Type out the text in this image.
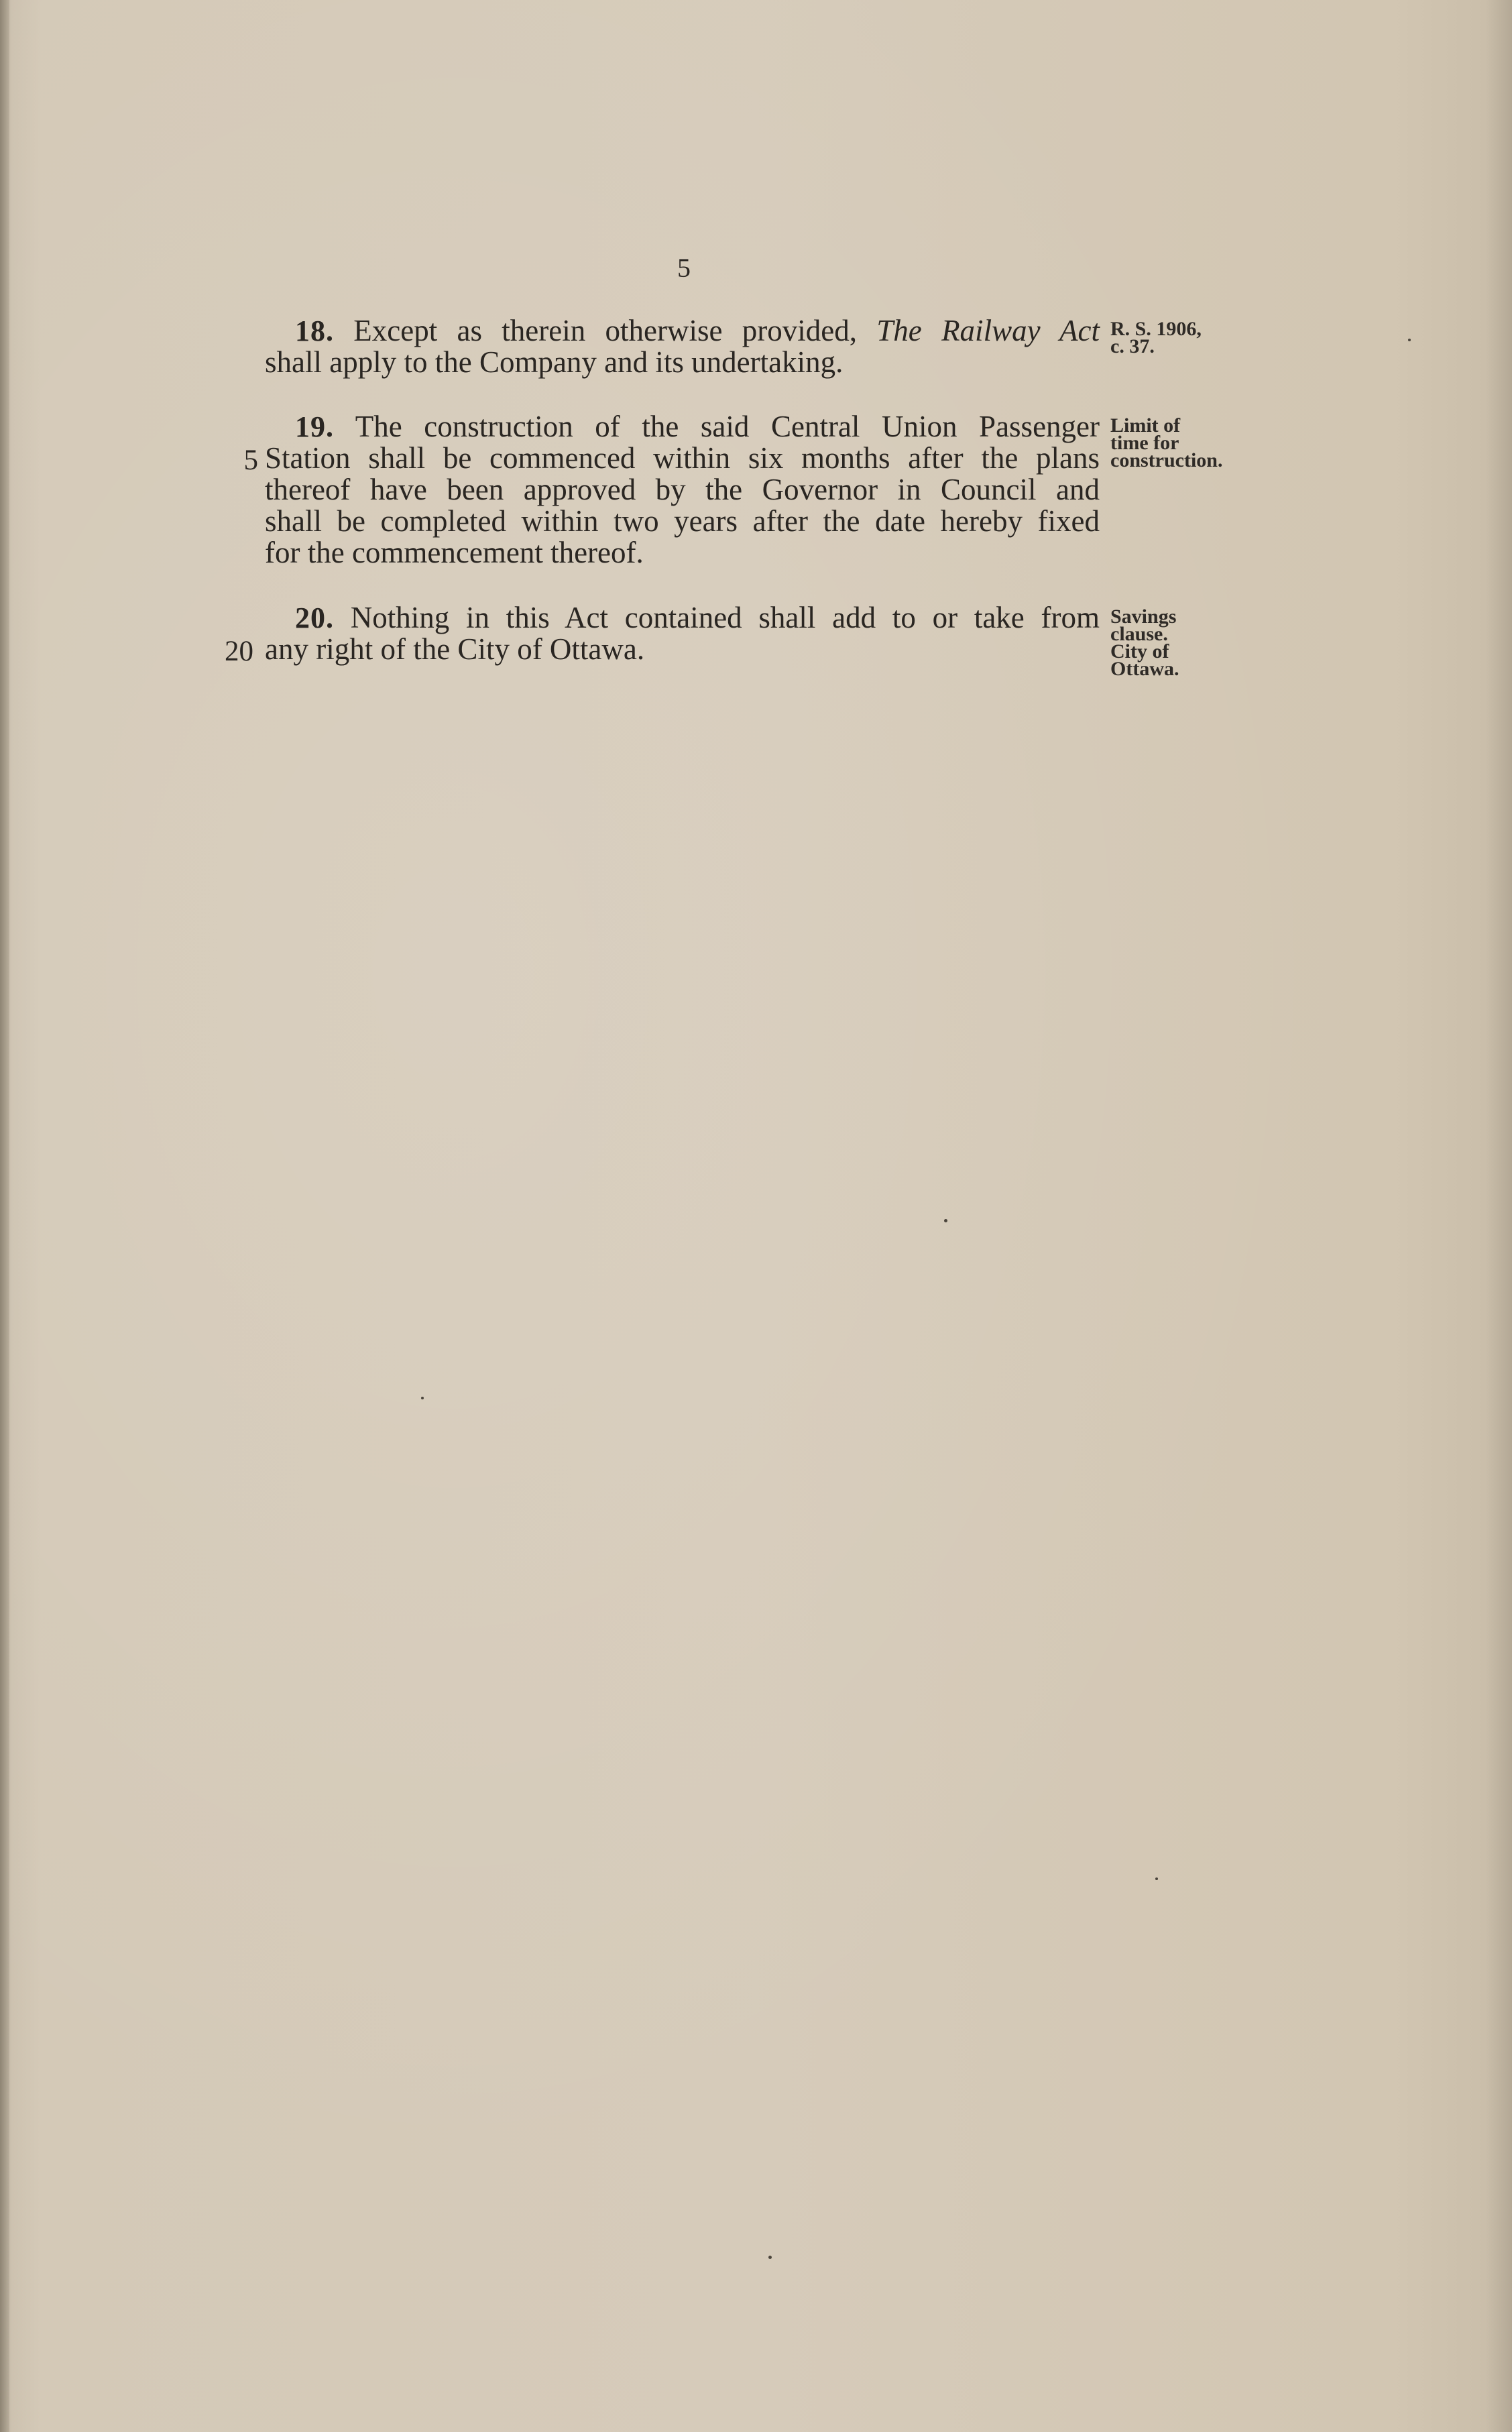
5
18. Except as therein otherwise provided, The Railway Act
shall apply to the Company and its undertaking.
R. S. 1906,
c. 37.
19. The construction of the said Central Union Passenger
Station shall be commenced within six months after the plans
thereof have been approved by the Governor in Council and
shall be completed within two years after the date hereby fixed
for the commencement thereof.
5
Limit of
time for
construction.
20. Nothing in this Act contained shall add to or take from
any right of the City of Ottawa.
20
Savings
clause.
City of
Ottawa.
